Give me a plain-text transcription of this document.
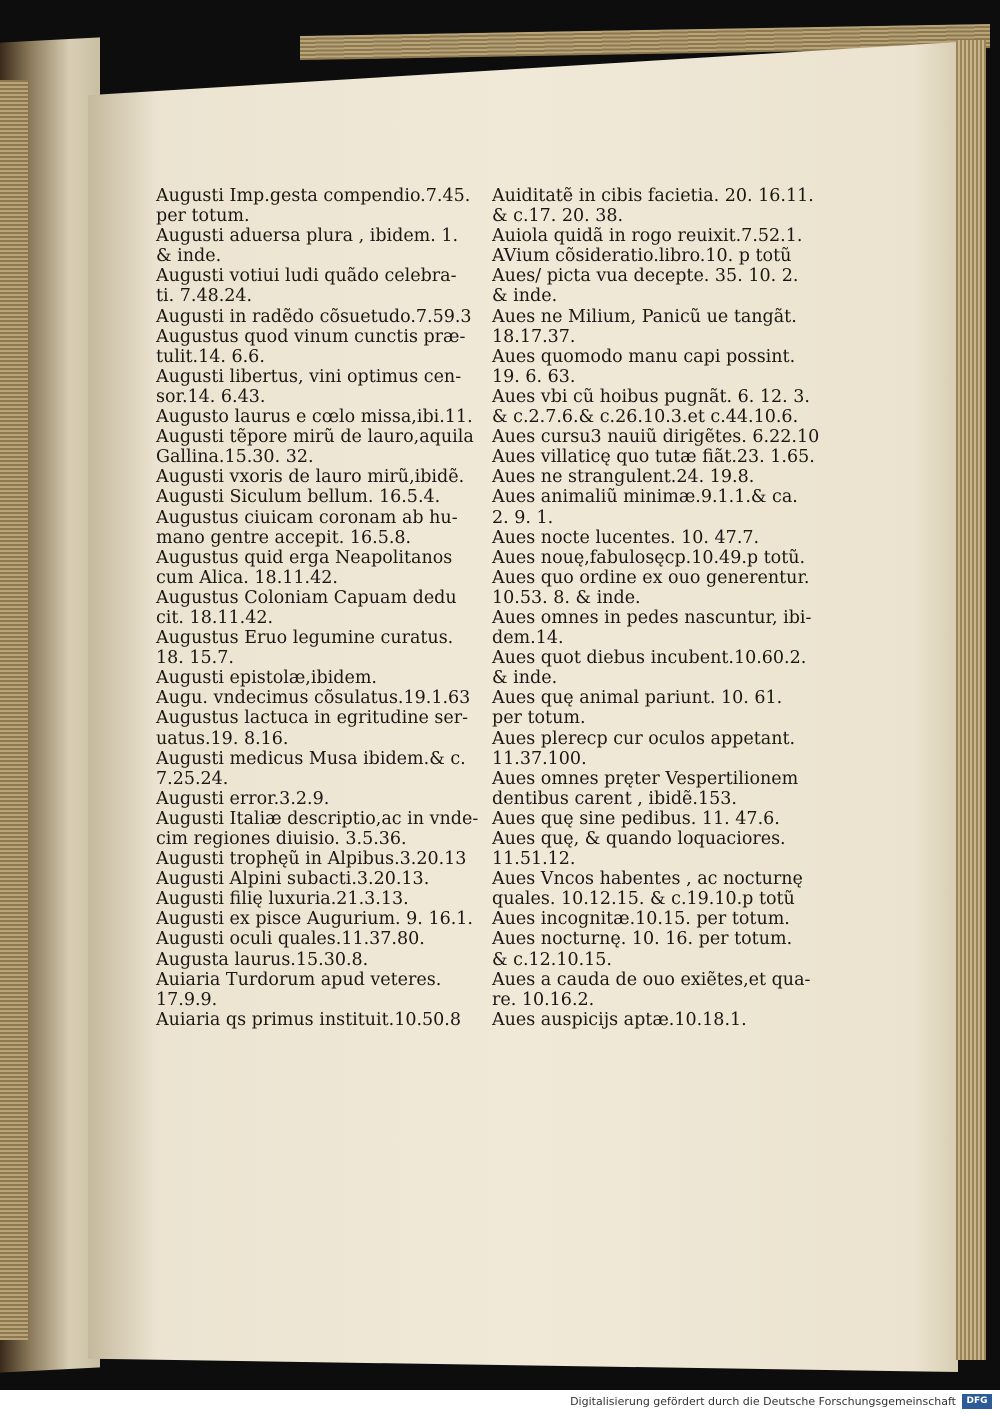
Augusti Imp.gesta compendio.7.45.

per totum.

Augusti aduersa plura , ibidem. 1.

& inde.

Augusti votiui ludi quãdo celebra-

ti. 7.48.24.

Augusti in radẽdo cõsuetudo.7.59.3

Augustus quod vinum cunctis præ-

tulit.14. 6.6.

Augusti libertus, vini optimus cen-

sor.14. 6.43.

Augusto laurus e cœlo missa,ibi.11.

Augusti tẽpore mirũ de lauro,aquila

Gallina.15.30. 32.

Augusti vxoris de lauro mirũ,ibidẽ.

Augusti Siculum bellum. 16.5.4.

Augustus ciuicam coronam ab hu-

mano gentre accepit. 16.5.8.

Augustus quid erga Neapolitanos

cum Alica. 18.11.42.

Augustus Coloniam Capuam dedu

cit. 18.11.42.

Augustus Eruo legumine curatus.

18. 15.7.

Augusti epistolæ,ibidem.

Augu. vndecimus cõsulatus.19.1.63

Augustus lactuca in egritudine ser-

uatus.19. 8.16.

Augusti medicus Musa ibidem.& c.

7.25.24.

Augusti error.3.2.9.

Augusti Italiæ descriptio,ac in vnde-

cim regiones diuisio. 3.5.36.

Augusti trophęũ in Alpibus.3.20.13

Augusti Alpini subacti.3.20.13.

Augusti filię luxuria.21.3.13.

Augusti ex pisce Augurium. 9. 16.1.

Augusti oculi quales.11.37.80.

Augusta laurus.15.30.8.

Auiaria Turdorum apud veteres.

17.9.9.

Auiaria qs primus instituit.10.50.8

Auiditatẽ in cibis facietia. 20. 16.11.

& c.17. 20. 38.

Auiola quidã in rogo reuixit.7.52.1.

AVium cõsideratio.libro.10. p totũ

Aues/ picta vua decepte. 35. 10. 2.

& inde.

Aues ne Milium, Panicũ ue tangãt.

18.17.37.

Aues quomodo manu capi possint.

19. 6. 63.

Aues vbi cũ hoibus pugnãt. 6. 12. 3.

& c.2.7.6.& c.26.10.3.et c.44.10.6.

Aues cursu3 nauiũ dirigẽtes. 6.22.10

Aues villaticę quo tutæ fiãt.23. 1.65.

Aues ne strangulent.24. 19.8.

Aues animaliũ minimæ.9.1.1.& ca.

2. 9. 1.

Aues nocte lucentes. 10. 47.7.

Aues nouę,fabulosęcp.10.49.p totũ.

Aues quo ordine ex ouo generentur.

10.53. 8. & inde.

Aues omnes in pedes nascuntur, ibi-

dem.14.

Aues quot diebus incubent.10.60.2.

& inde.

Aues quę animal pariunt. 10. 61.

per totum.

Aues plerecp cur oculos appetant.

11.37.100.

Aues omnes pręter Vespertilionem

dentibus carent , ibidẽ.153.

Aues quę sine pedibus. 11. 47.6.

Aues quę, & quando loquaciores.

11.51.12.

Aues Vncos habentes , ac nocturnę

quales. 10.12.15. & c.19.10.p totũ

Aues incognitæ.10.15. per totum.

Aues nocturnę. 10. 16. per totum.

& c.12.10.15.

Aues a cauda de ouo exiẽtes,et qua-

re. 10.16.2.

Aues auspicijs aptæ.10.18.1.

Digitalisierung gefördert durch die Deutsche Forschungsgemeinschaft	DFG
